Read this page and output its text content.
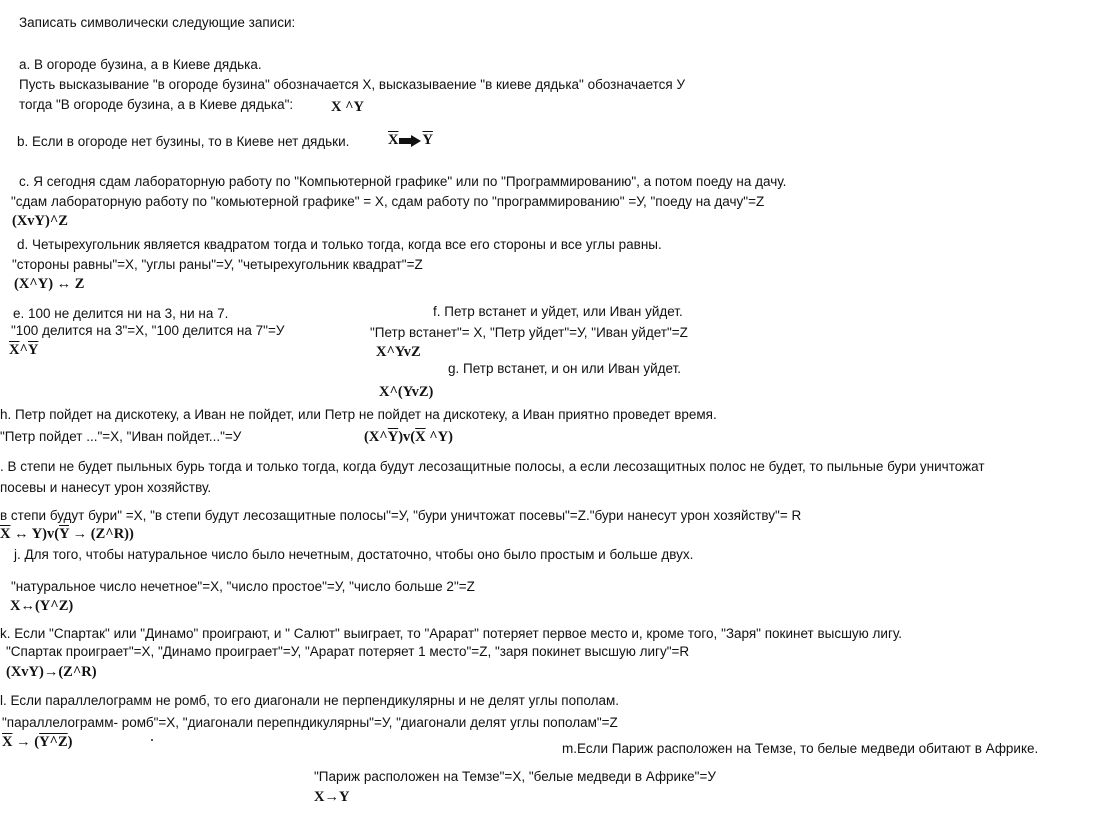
Записать символически следующие записи:
a. В огороде бузина, а в Киеве дядька.
Пусть высказывание "в огороде бузина" обозначается X, высказываение "в киеве дядька" обозначается У
тогда "В огороде бузина, а в Киеве дядька":	X ^Y
b. Если в огороде нет бузины, то в Киеве нет дядьки.	$\overline{X}$ $\overline{Y}$
c. Я сегодня сдам лабораторную работу по "Компьютерной графике" или по "Программированию", а потом поеду на дачу.
"сдам лабораторную работу по "комьютерной графике" = X, сдам работу по "программированию" =У, "поеду на дачу"=Z
(XvY)^Z
d. Четырехугольник является квадратом тогда и только тогда, когда все его стороны и все углы равны.
"стороны равны"=X, "углы раны"=У, "четырехугольник квадрат"=Z
(X^Y) ↔ Z
e. 100 не делится ни на 3, ни на 7.
"100 делится на 3"=X, "100 делится на 7"=У
$\overline{X}\^{}\overline{Y}$
f. Петр встанет и уйдет, или Иван уйдет.
"Петр встанет"= X, "Петр уйдет"=У, "Иван уйдет"=Z
X^YvZ
g. Петр встанет, и он или Иван уйдет.
X^(YvZ)
h. Петр пойдет на дискотеку, а Иван не пойдет, или Петр не пойдет на дискотеку, а Иван приятно проведет время.
"Петр пойдет ..."=X, "Иван пойдет..."=У	$(X\^{}\overline{Y})v(\overline{X}$ ^Y)
. В степи не будет пыльных бурь тогда и только тогда, когда будут лесозащитные полосы, а если лесозащитных полос не будет, то пыльные бури уничтожат
посевы и нанесут урон хозяйству.
в степи будут бури" =X, "в степи будут лесозащитные полосы"=У, "бури уничтожат посевы"=Z."бури нанесут урон хозяйству"= R
$\overline{X}$ ↔ $Y)v(\overline{Y}$ → (Z^R))
j. Для того, чтобы натуральное число было нечетным, достаточно, чтобы оно было простым и больше двух.
"натуральное число нечетное"=X, "число простое"=У, "число больше 2"=Z
X↔(Y^Z)
k. Если "Спартак" или "Динамо" проиграют, и " Салют" выиграет, то "Арарат" потеряет первое место и, кроме того, "Заря" покинет высшую лигу.
"Спартак проиграет"=X, "Динамо проиграет"=У, "Арарат потеряет 1 место"=Z, "заря покинет высшую лигу"=R
(XvY)→(Z^R)
l. Если параллелограмм не ромб, то его диагонали не перпендикулярны и не делят углы пополам.
"параллелограмм- ромб"=X, "диагонали перепндикулярны"=У, "диагонали делят углы пополам"=Z
$\overline{X}$ → (Y^Z)	m.Если Париж расположен на Темзе, то белые медведи обитают в Африке.
"Париж расположен на Темзе"=X, "белые медведи в Африке"=У
X→Y
